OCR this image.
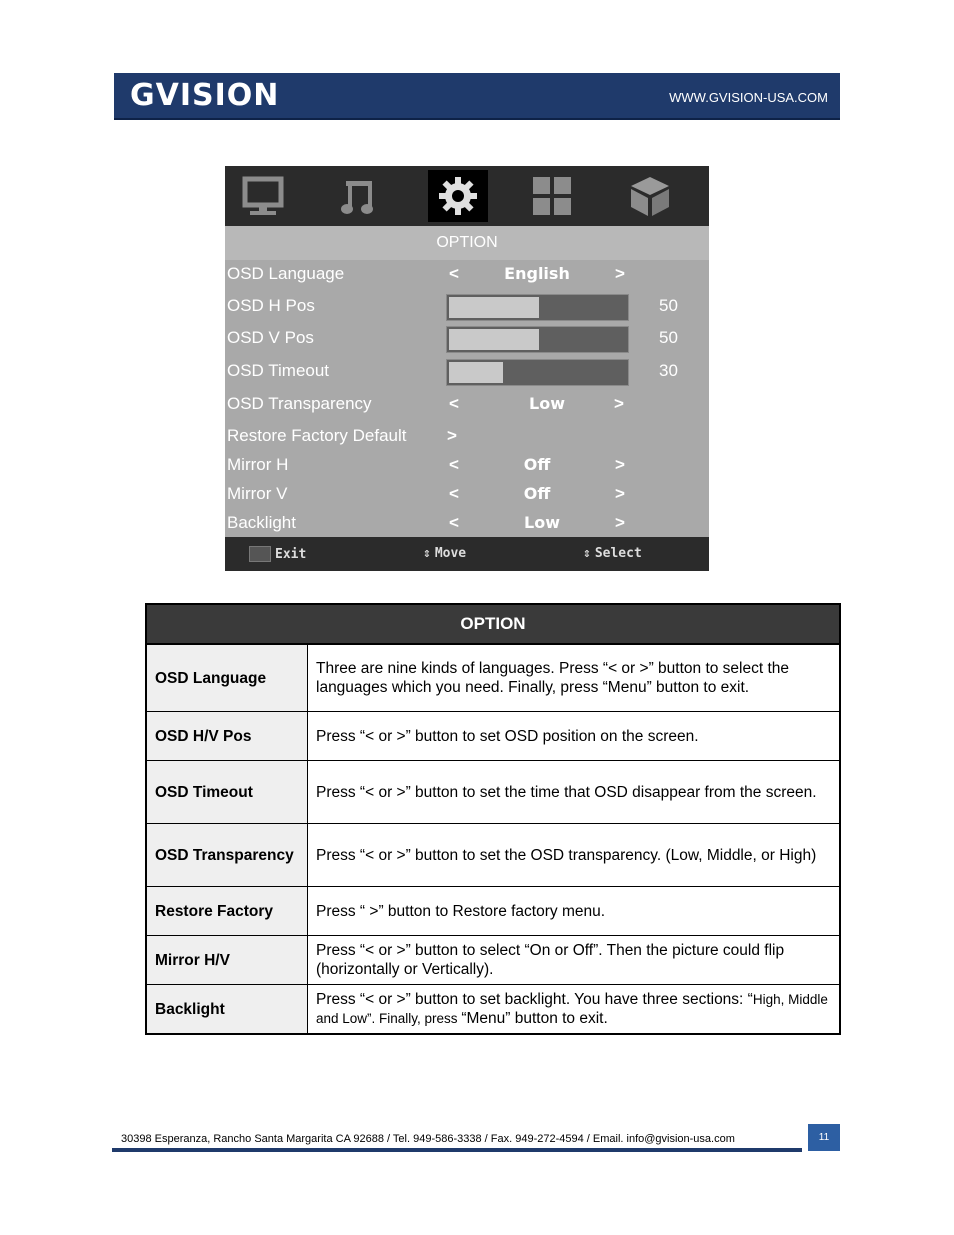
GVISION	WWW.GVISION-USA.COM
OPTION
OSD Language	<	English	>
OSD H Pos	50
OSD V Pos	50
OSD Timeout	30
OSD Transparency	<	Low	>
Restore Factory Default >
Mirror H	<	Off	>
Mirror V	<	Off	>
Backlight	<	Low	>
Exit	⇕ Move	⇕ Select
OPTION	
OSD Language	Three are nine kinds of languages. Press “< or >” button to select the languages which you need. Finally, press “Menu” button to exit.
OSD H/V Pos	Press “< or >” button to set OSD position on the screen.
OSD Timeout	Press “< or >” button to set the time that OSD disappear from the screen.
OSD Transparency	Press “< or >” button to set the OSD transparency. (Low, Middle, or High)
Restore Factory	Press “ >” button to Restore factory menu.
Mirror H/V	Press “< or >” button to select “On or Off”. Then the picture could flip (horizontally or Vertically).
Backlight	Press “< or >” button to set backlight. You have three sections: “High, Middle and Low”. Finally, press “Menu” button to exit.
30398 Esperanza, Rancho Santa Margarita CA 92688 / Tel. 949-586-3338 / Fax. 949-272-4594 / Email. info@gvision-usa.com	11
